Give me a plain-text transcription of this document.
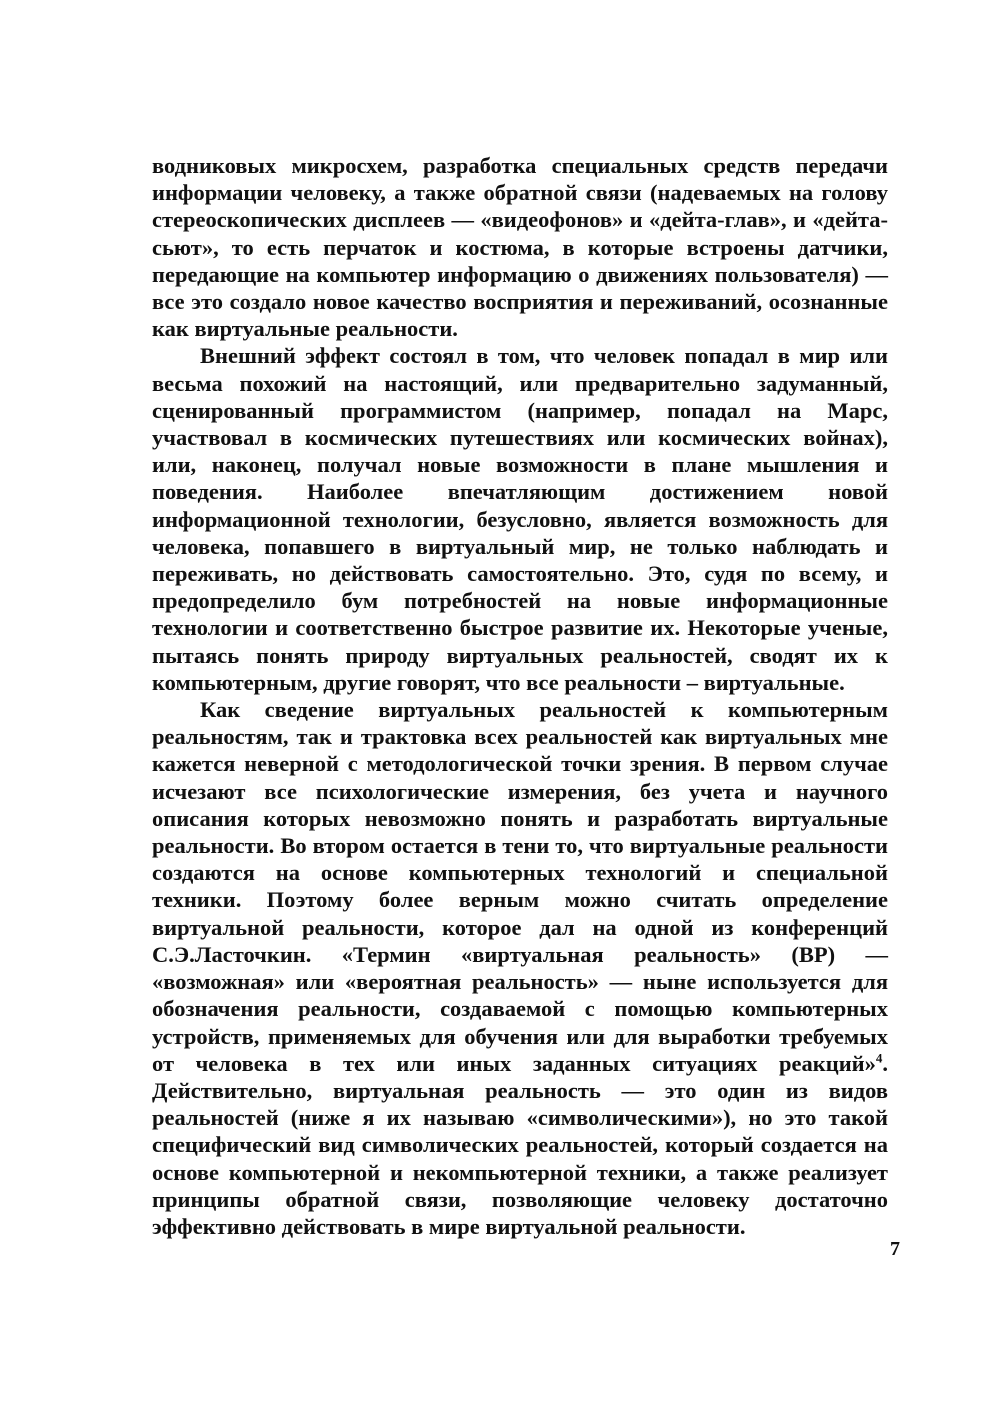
водниковых микросхем, разработка специальных средств передачи информации человеку, а также обратной связи (надеваемых на голову стереоскопических дисплеев — «видеофонов» и «дейта-глав», и «дейта-сьют», то есть перчаток и костюма, в которые встроены датчики, передающие на компьютер информацию о движениях пользователя) — все это создало новое качество восприятия и переживаний, осознанные как виртуальные реальности.

Внешний эффект состоял в том, что человек попадал в мир или весьма похожий на настоящий, или предварительно задуманный, сценированный программистом (например, попадал на Марс, участвовал в космических путешествиях или космических войнах), или, наконец, получал новые возможности в плане мышления и поведения. Наиболее впечатляющим достижением новой информационной технологии, безусловно, является возможность для человека, попавшего в виртуальный мир, не только наблюдать и переживать, но действовать самостоятельно. Это, судя по всему, и предопределило бум потребностей на новые информационные технологии и соответственно быстрое развитие их. Некоторые ученые, пытаясь понять природу виртуальных реальностей, сводят их к компьютерным, другие говорят, что все реальности – виртуальные.

Как сведение виртуальных реальностей к компьютерным реальностям, так и трактовка всех реальностей как виртуальных мне кажется неверной с методологической точки зрения. В первом случае исчезают все психологические измерения, без учета и научного описания которых невозможно понять и разработать виртуальные реальности. Во втором остается в тени то, что виртуальные реальности создаются на основе компьютерных технологий и специальной техники. Поэтому более верным можно считать определение виртуальной реальности, которое дал на одной из конференций С.Э.Ласточкин. «Термин «виртуальная реальность» (ВР) — «возможная» или «вероятная реальность» — ныне используется для обозначения реальности, создаваемой с помощью компьютерных устройств, применяемых для обучения или для выработки требуемых от человека в тех или иных заданных ситуациях реакций»$^4$. Действительно, виртуальная реальность — это один из видов реальностей (ниже я их называю «символическими»), но это такой специфический вид символических реальностей, который создается на основе компьютерной и некомпьютерной техники, а также реализует принципы обратной связи, позволяющие человеку достаточно эффективно действовать в мире виртуальной реальности.

7
